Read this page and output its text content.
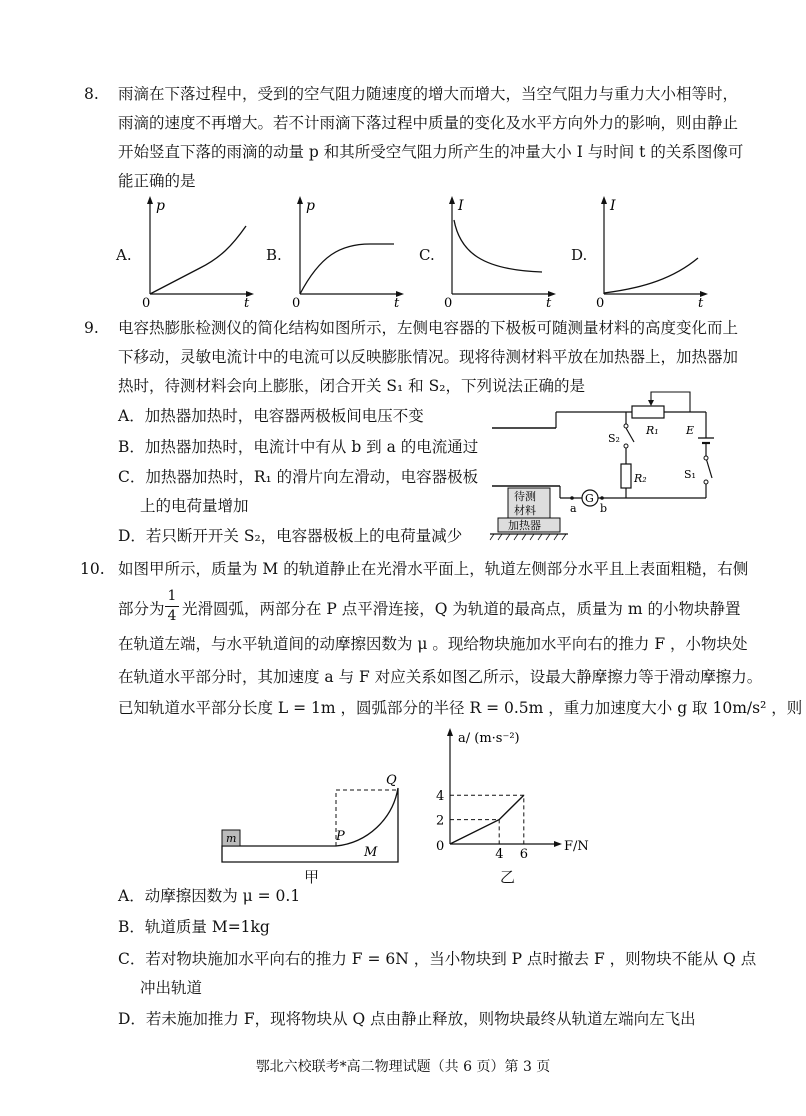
8. 雨滴在下落过程中，受到的空气阻力随速度的增大而增大，当空气阻力与重力大小相等时，
雨滴的速度不再增大。若不计雨滴下落过程中质量的变化及水平方向外力的影响，则由静止
开始竖直下落的雨滴的动量 p 和其所受空气阻力所产生的冲量大小 I 与时间 t 的关系图像可
能正确的是
A.	B.	C.	D.
p
t
0
p
t
0
I
t
0
I
t
0
9. 电容热膨胀检测仪的简化结构如图所示，左侧电容器的下极板可随测量材料的高度变化而上
下移动，灵敏电流计中的电流可以反映膨胀情况。现将待测材料平放在加热器上，加热器加
热时，待测材料会向上膨胀，闭合开关 S₁ 和 S₂，下列说法正确的是
A．加热器加热时，电容器两极板间电压不变
B．加热器加热时，电流计中有从 b 到 a 的电流通过
C．加热器加热时，R₁ 的滑片向左滑动，电容器极板
上的电荷量增加
D．若只断开开关 S₂，电容器极板上的电荷量减少
R₁ E
S₁
S₂
R₂
G
a b
待测
材料
加热器
10. 如图甲所示，质量为 M 的轨道静止在光滑水平面上，轨道左侧部分水平且上表面粗糙，右侧
部分为
1
4 光滑圆弧，两部分在 P 点平滑连接，Q 为轨道的最高点，质量为 m 的小物块静置
在轨道左端，与水平轨道间的动摩擦因数为 μ 。现给物块施加水平向右的推力 F ，小物块处
在轨道水平部分时，其加速度 a 与 F 对应关系如图乙所示，设最大静摩擦力等于滑动摩擦力。
已知轨道水平部分长度 L = 1m ，圆弧部分的半径 R = 0.5m ，重力加速度大小 g 取 10m/s² ，则
m	P
Q
M
甲
a/ (m·s⁻²)
F/N
0
4 6
2
4
乙
A．动摩擦因数为 μ = 0.1
B．轨道质量 M=1kg
C．若对物块施加水平向右的推力 F = 6N ，当小物块到 P 点时撤去 F ，则物块不能从 Q 点
冲出轨道
D．若未施加推力 F，现将物块从 Q 点由静止释放，则物块最终从轨道左端向左飞出
鄂北六校联考*高二物理试题（共 6 页）第 3 页
